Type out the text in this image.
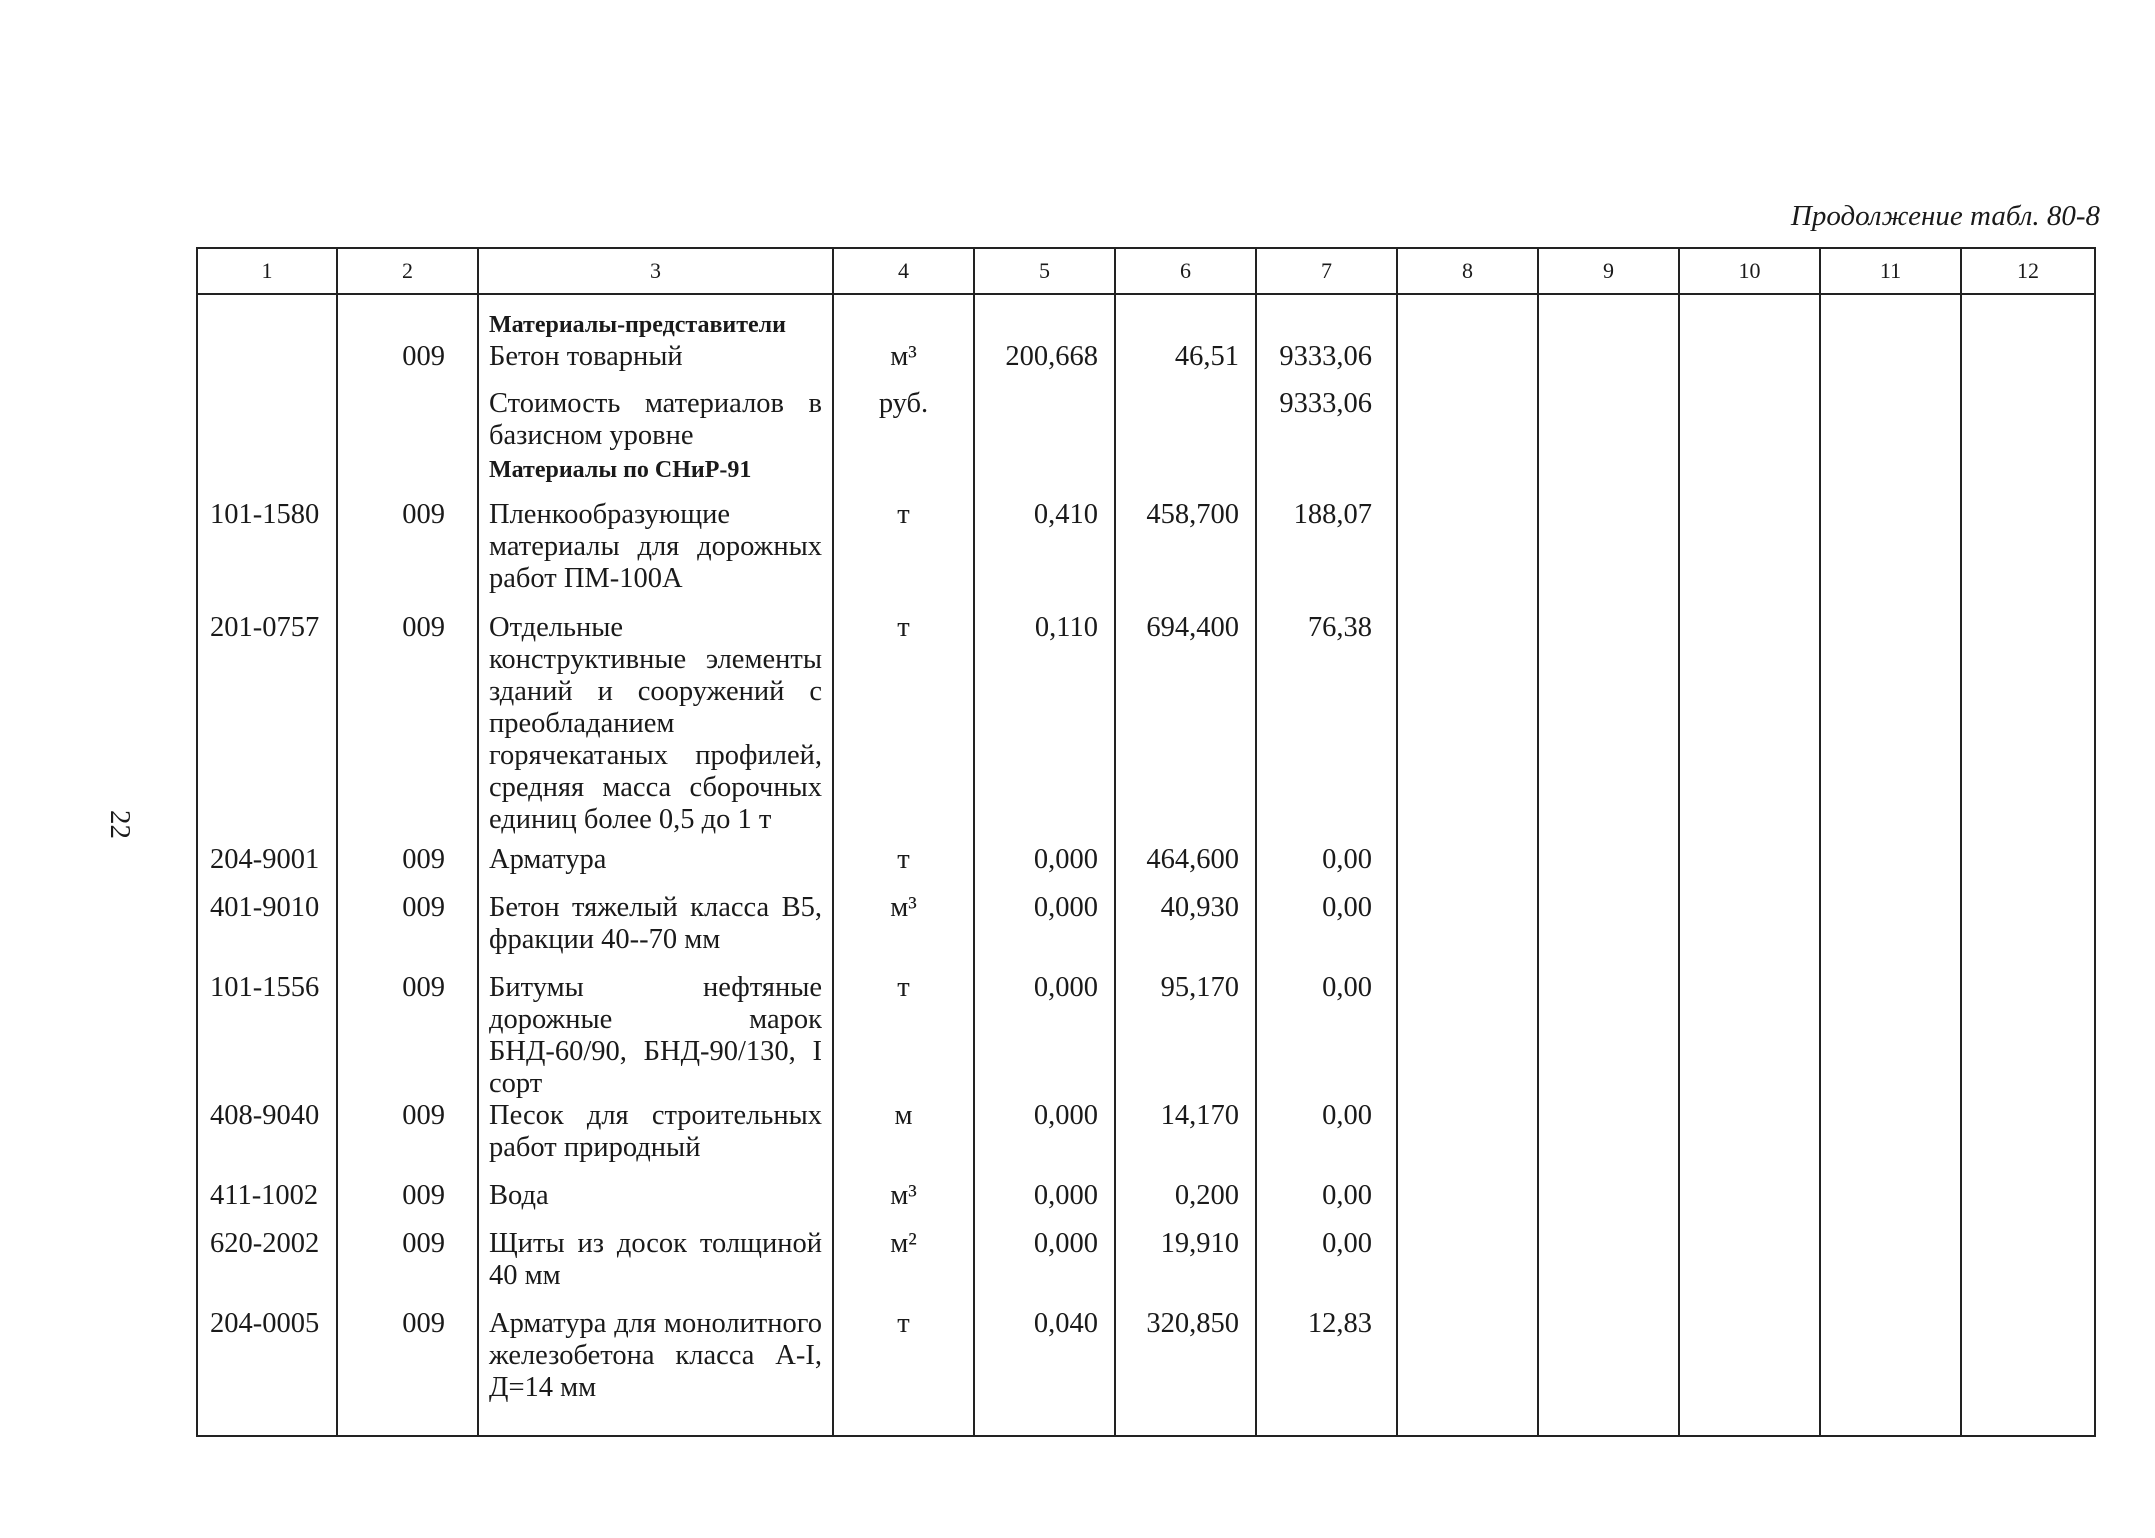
Продолжение табл. 80-8
22
1	2	3	4	5	6	7	8	9	10	11	12
		Материалы-представители									
	009	Бетон товарный	м³	200,668	46,51	9333,06					
		Стоимость материалов в базисном уровне	руб.			9333,06					
		Материалы по СНиР-91									
101-1580	009	Пленкообразующие материалы для дорожных работ ПМ-100А	т	0,410	458,700	188,07					
201-0757	009	Отдельные конструктивные элементы зданий и сооружений с преобладанием горячекатаных профилей, средняя масса сборочных единиц более 0,5 до 1 т	т	0,110	694,400	76,38					
204-9001	009	Арматура	т	0,000	464,600	0,00					
401-9010	009	Бетон тяжелый класса В5, фракции 40--70 мм	м³	0,000	40,930	0,00					
101-1556	009	Битумы нефтяные дорожные марок БНД-60/90, БНД-90/130, I сорт	т	0,000	95,170	0,00					
408-9040	009	Песок для строительных работ природный	м	0,000	14,170	0,00					
411-1002	009	Вода	м³	0,000	0,200	0,00					
620-2002	009	Щиты из досок толщиной 40 мм	м²	0,000	19,910	0,00					
204-0005	009	Арматура для монолитного железобетона класса А-I, Д=14 мм	т	0,040	320,850	12,83					
